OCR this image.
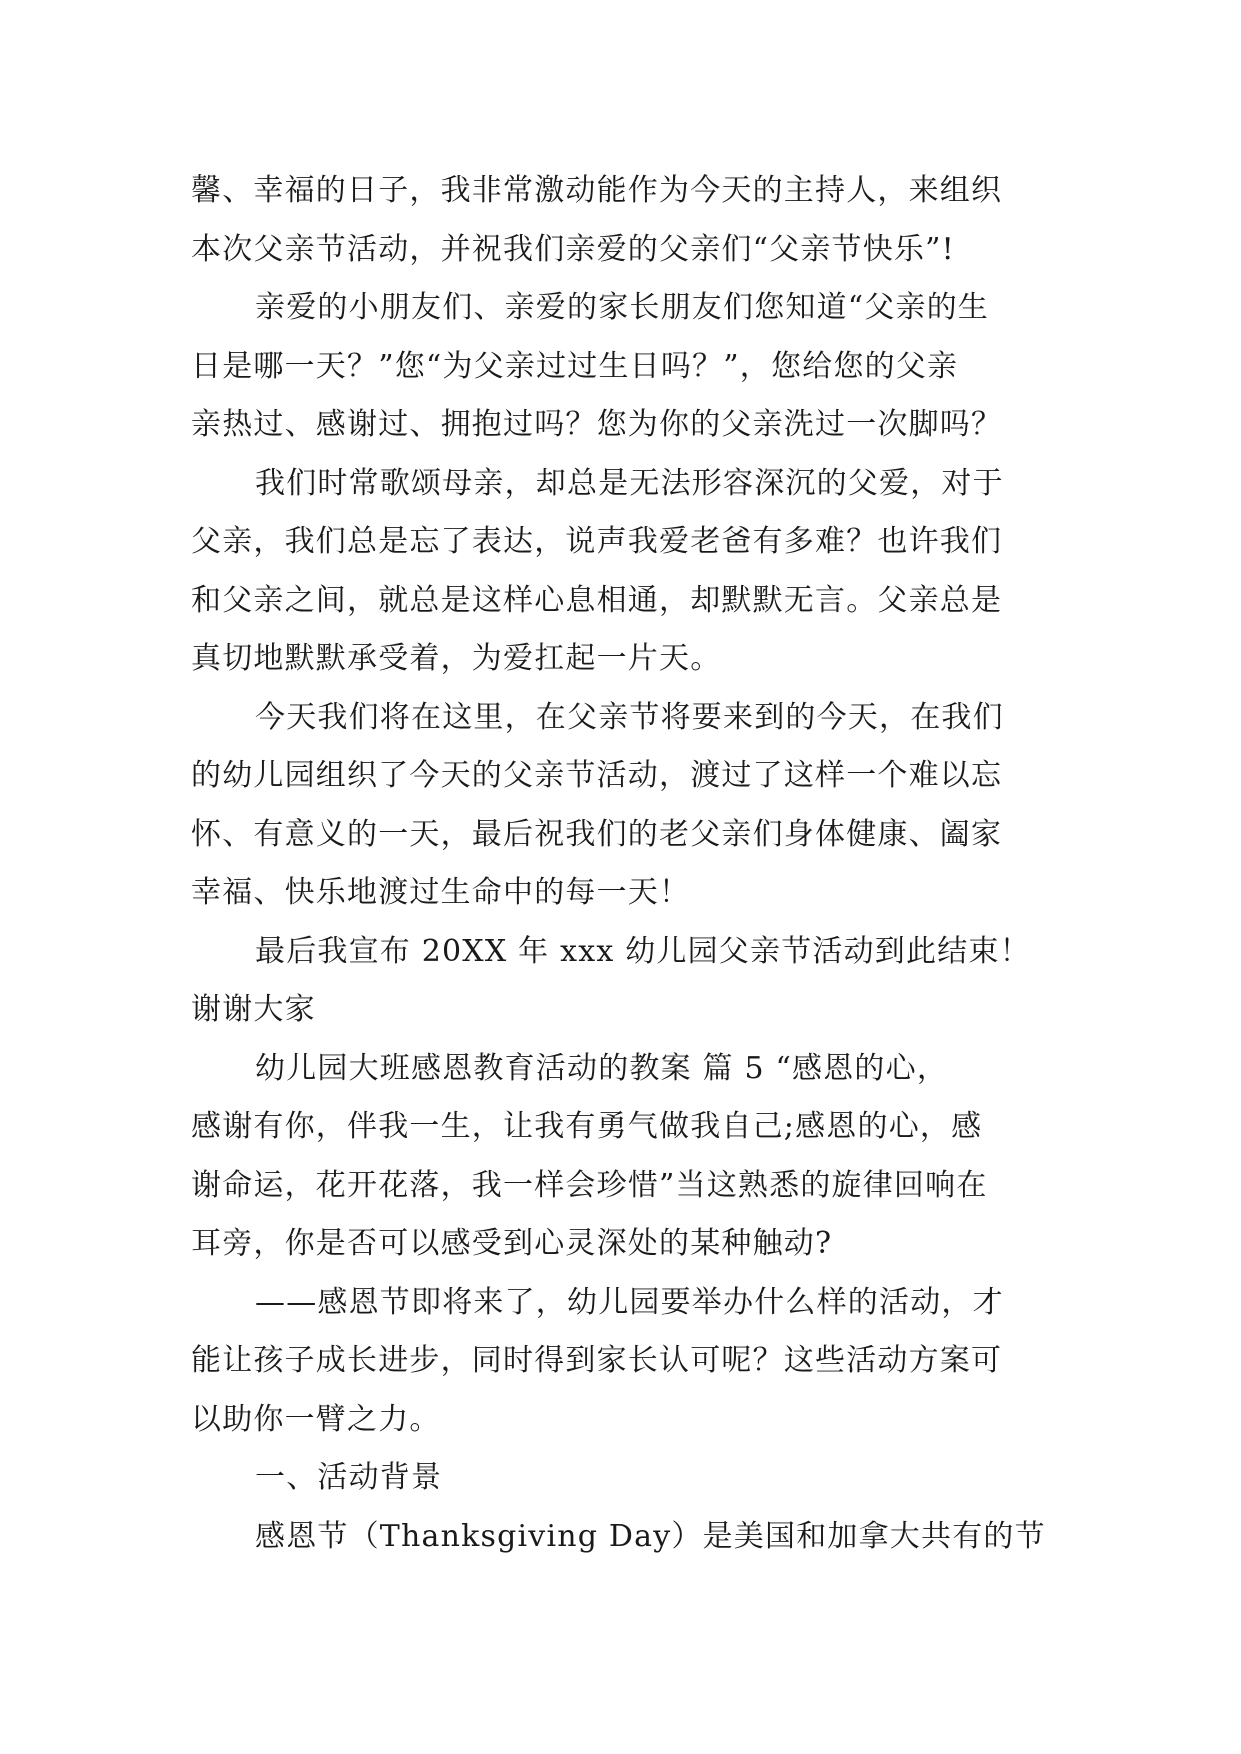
馨、幸福的日子，我非常激动能作为今天的主持人，来组织
本次父亲节活动，并祝我们亲爱的父亲们“父亲节快乐”!
亲爱的小朋友们、亲爱的家长朋友们您知道“父亲的生
日是哪一天？”您“为父亲过过生日吗？”，您给您的父亲
亲热过、感谢过、拥抱过吗？您为你的父亲洗过一次脚吗？
我们时常歌颂母亲，却总是无法形容深沉的父爱，对于
父亲，我们总是忘了表达，说声我爱老爸有多难？也许我们
和父亲之间，就总是这样心息相通，却默默无言。父亲总是
真切地默默承受着，为爱扛起一片天。
今天我们将在这里，在父亲节将要来到的今天，在我们
的幼儿园组织了今天的父亲节活动，渡过了这样一个难以忘
怀、有意义的一天，最后祝我们的老父亲们身体健康、阖家
幸福、快乐地渡过生命中的每一天！
最后我宣布 20XX 年 xxx 幼儿园父亲节活动到此结束！
谢谢大家
幼儿园大班感恩教育活动的教案 篇 5 “感恩的心，
感谢有你，伴我一生，让我有勇气做我自己;感恩的心，感
谢命运，花开花落，我一样会珍惜”当这熟悉的旋律回响在
耳旁，你是否可以感受到心灵深处的某种触动?
——感恩节即将来了，幼儿园要举办什么样的活动，才
能让孩子成长进步，同时得到家长认可呢？这些活动方案可
以助你一臂之力。
一、活动背景
感恩节（Thanksgiving Day）是美国和加拿大共有的节
